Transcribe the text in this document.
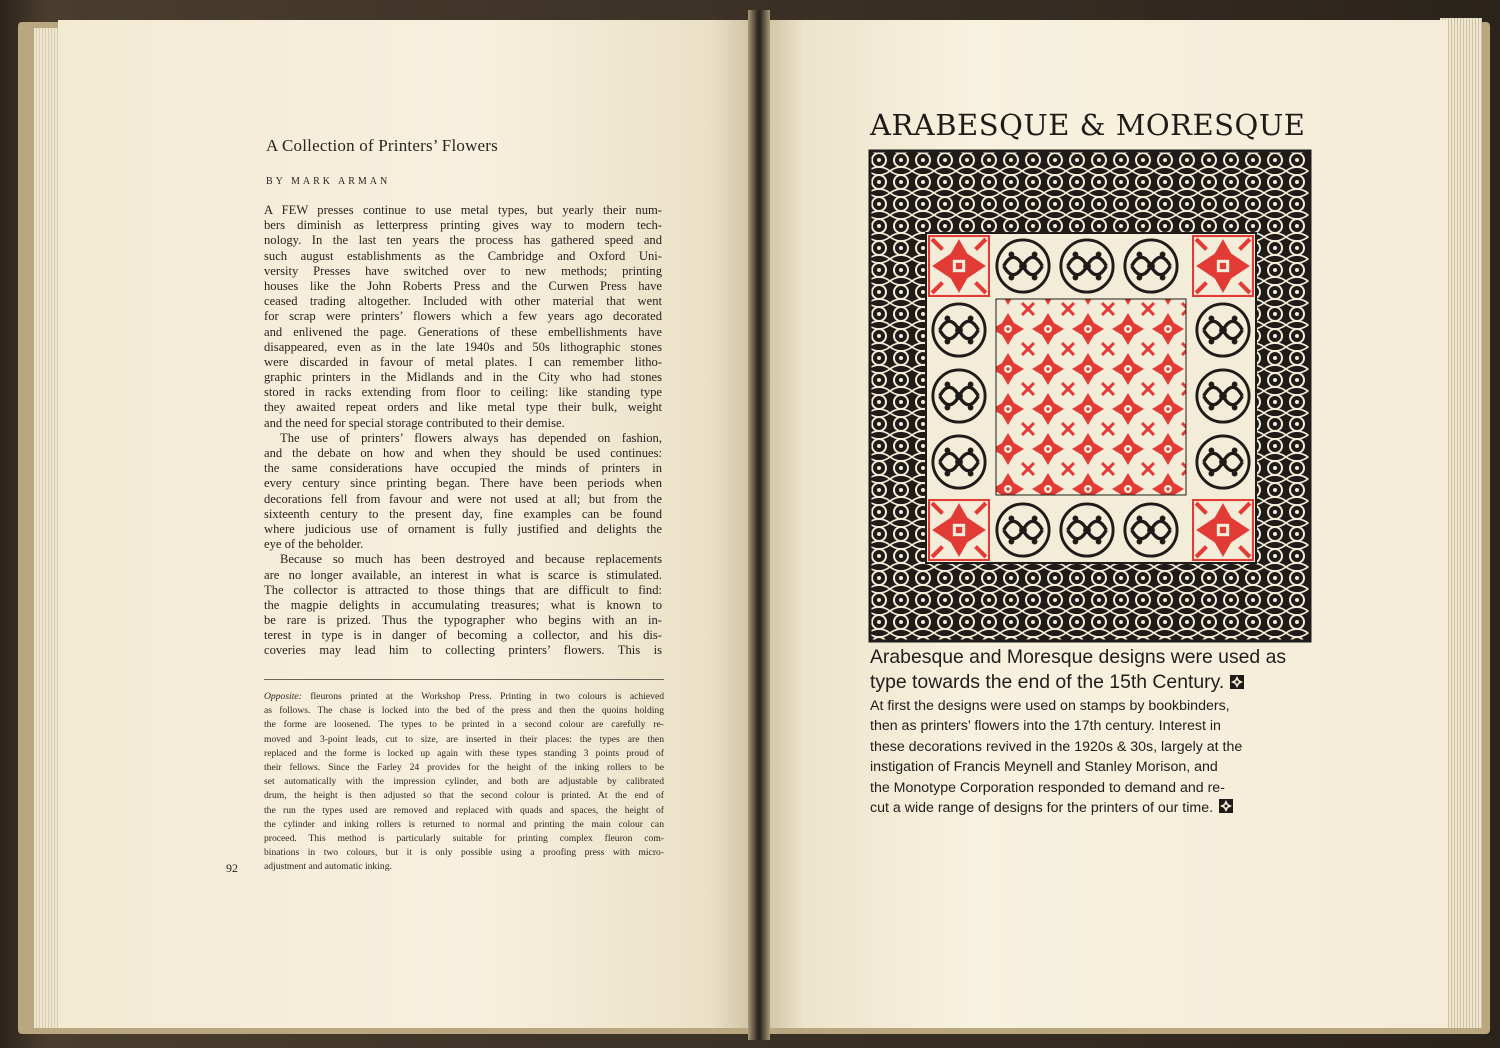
A Collection of Printers’ Flowers
BY MARK ARMAN
A FEW presses continue to use metal types, but yearly their num-
bers diminish as letterpress printing gives way to modern tech-
nology. In the last ten years the process has gathered speed and
such august establishments as the Cambridge and Oxford Uni-
versity Presses have switched over to new methods; printing
houses like the John Roberts Press and the Curwen Press have
ceased trading altogether. Included with other material that went
for scrap were printers’ flowers which a few years ago decorated
and enlivened the page. Generations of these embellishments have
disappeared, even as in the late 1940s and 50s lithographic stones
were discarded in favour of metal plates. I can remember litho-
graphic printers in the Midlands and in the City who had stones
stored in racks extending from floor to ceiling: like standing type
they awaited repeat orders and like metal type their bulk, weight
and the need for special storage contributed to their demise.
The use of printers’ flowers always has depended on fashion,
and the debate on how and when they should be used continues:
the same considerations have occupied the minds of printers in
every century since printing began. There have been periods when
decorations fell from favour and were not used at all; but from the
sixteenth century to the present day, fine examples can be found
where judicious use of ornament is fully justified and delights the
eye of the beholder.
Because so much has been destroyed and because replacements
are no longer available, an interest in what is scarce is stimulated.
The collector is attracted to those things that are difficult to find:
the magpie delights in accumulating treasures; what is known to
be rare is prized. Thus the typographer who begins with an in-
terest in type is in danger of becoming a collector, and his dis-
coveries may lead him to collecting printers’ flowers. This is
Opposite: fleurons printed at the Workshop Press. Printing in two colours is achieved
as follows. The chase is locked into the bed of the press and then the quoins holding
the forme are loosened. The types to be printed in a second colour are carefully re-
moved and 3-point leads, cut to size, are inserted in their places: the types are then
replaced and the forme is locked up again with these types standing 3 points proud of
their fellows. Since the Farley 24 provides for the height of the inking rollers to be
set automatically with the impression cylinder, and both are adjustable by calibrated
drum, the height is then adjusted so that the second colour is printed. At the end of
the run the types used are removed and replaced with quads and spaces, the height of
the cylinder and inking rollers is returned to normal and printing the main colour can
proceed. This method is particularly suitable for printing complex fleuron com-
binations in two colours, but it is only possible using a proofing press with micro-
adjustment and automatic inking.
92
ARABESQUE & MORESQUE
Arabesque and Moresque designs were used as
type towards the end of the 15th Century.
At first the designs were used on stamps by bookbinders,
then as printers’ flowers into the 17th century. Interest in
these decorations revived in the 1920s & 30s, largely at the
instigation of Francis Meynell and Stanley Morison, and
the Monotype Corporation responded to demand and re-
cut a wide range of designs for the printers of our time.
